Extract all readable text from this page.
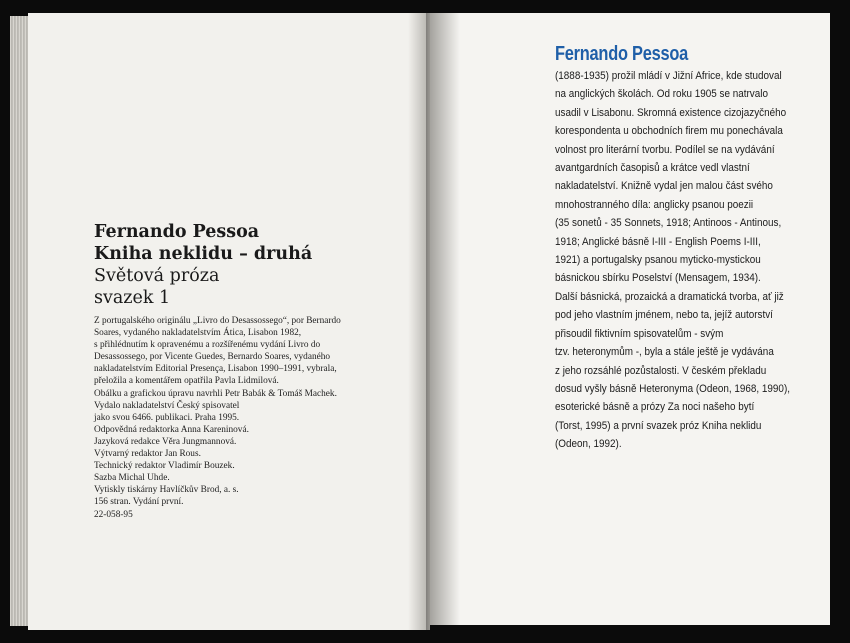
Fernando Pessoa
Kniha neklidu – druhá
Světová próza
svazek 1
Z portugalského originálu „Livro do Desassossego“, por Bernardo
Soares, vydaného nakladatelstvím Ática, Lisabon 1982,
s přihlédnutím k opravenému a rozšířenému vydání Livro do
Desassossego, por Vicente Guedes, Bernardo Soares, vydaného
nakladatelstvím Editorial Presença, Lisabon 1990–1991, vybrala,
přeložila a komentářem opatřila Pavla Lidmilová.
Obálku a grafickou úpravu navrhli Petr Babák & Tomáš Machek.
Vydalo nakladatelství Český spisovatel
jako svou 6466. publikaci. Praha 1995.
Odpovědná redaktorka Anna Kareninová.
Jazyková redakce Věra Jungmannová.
Výtvarný redaktor Jan Rous.
Technický redaktor Vladimír Bouzek.
Sazba Michal Uhde.
Vytiskly tiskárny Havlíčkův Brod, a. s.
156 stran. Vydání první.
22-058-95
Fernando Pessoa
(1888-1935) prožil mládí v Jižní Africe, kde studoval
na anglických školách. Od roku 1905 se natrvalo
usadil v Lisabonu. Skromná existence cizojazyčného
korespondenta u obchodních firem mu ponechávala
volnost pro literární tvorbu. Podílel se na vydávání
avantgardních časopisů a krátce vedl vlastní
nakladatelství. Knižně vydal jen malou část svého
mnohostranného díla: anglicky psanou poezii
(35 sonetů - 35 Sonnets, 1918; Antinoos - Antinous,
1918; Anglické básně I-III - English Poems I-III,
1921) a portugalsky psanou myticko-mystickou
básnickou sbírku Poselství (Mensagem, 1934).
Další básnická, prozaická a dramatická tvorba, ať již
pod jeho vlastním jménem, nebo ta, jejíž autorství
přisoudil fiktivním spisovatelům - svým
tzv. heteronymům -, byla a stále ještě je vydávána
z jeho rozsáhlé pozůstalosti. V českém překladu
dosud vyšly básně Heteronyma (Odeon, 1968, 1990),
esoterické básně a prózy Za noci našeho bytí
(Torst, 1995) a první svazek próz Kniha neklidu
(Odeon, 1992).
